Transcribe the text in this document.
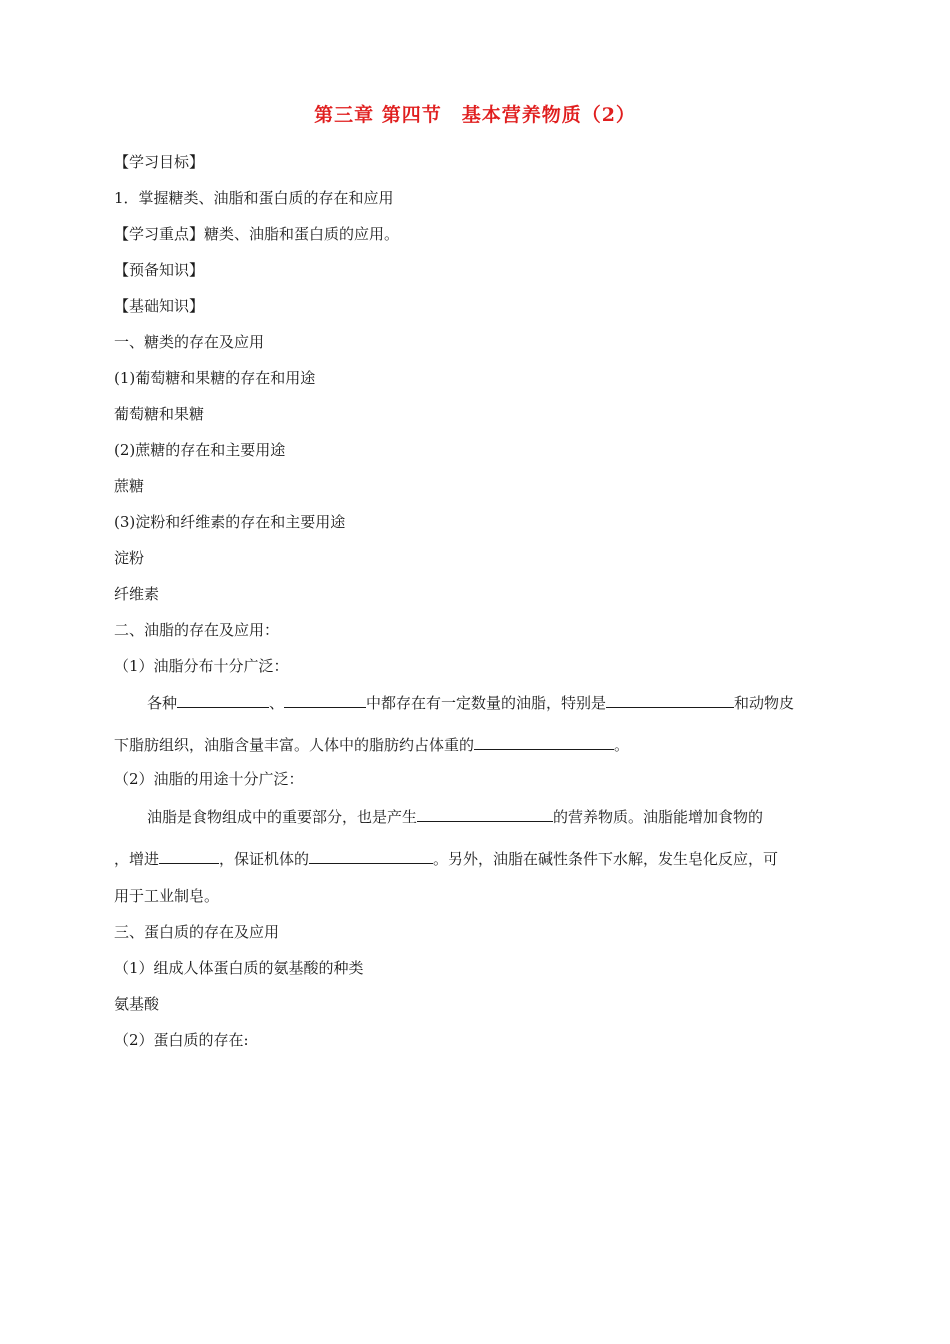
第三章 第四节　基本营养物质（2）
【学习目标】
1．掌握糖类、油脂和蛋白质的存在和应用
【学习重点】糖类、油脂和蛋白质的应用。
【预备知识】
【基础知识】
一、糖类的存在及应用
(1)葡萄糖和果糖的存在和用途
葡萄糖和果糖
(2)蔗糖的存在和主要用途
蔗糖
(3)淀粉和纤维素的存在和主要用途
淀粉
纤维素
二、油脂的存在及应用：
（1）油脂分布十分广泛：
各种	、	中都存在有一定数量的油脂，特别是	和动物皮
下脂肪组织，油脂含量丰富。人体中的脂肪约占体重的	。
（2）油脂的用途十分广泛：
油脂是食物组成中的重要部分，也是产生	的营养物质。油脂能增加食物的
，增进	，保证机体的	。另外，油脂在碱性条件下水解，发生皂化反应，可
用于工业制皂。
三、蛋白质的存在及应用
（1）组成人体蛋白质的氨基酸的种类
氨基酸
（2）蛋白质的存在:
